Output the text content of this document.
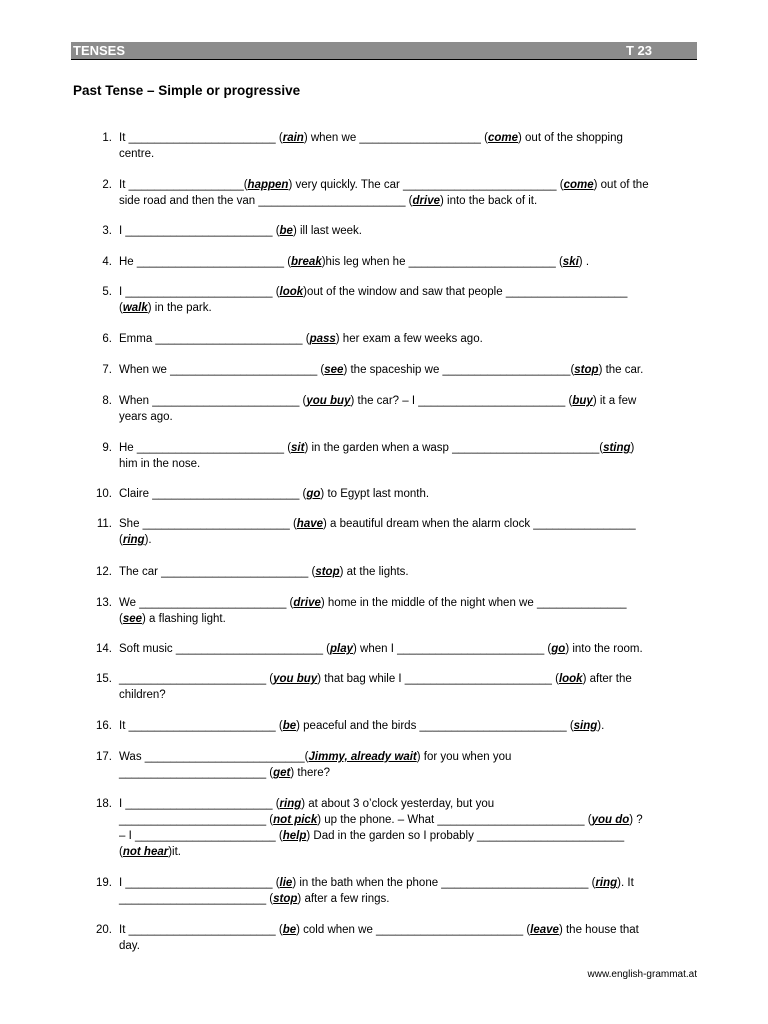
TENSES	T 23
Past Tense – Simple or progressive
1. It _______________________ (rain) when we ___________________ (come) out of the shopping
centre.
2. It __________________(happen) very quickly. The car ________________________ (come) out of the
side road and then the van _______________________ (drive) into the back of it.
3. I _______________________ (be) ill last week.
4. He _______________________ (break)his leg when he _______________________ (ski) .
5. I _______________________ (look)out of the window and saw that people ___________________
(walk) in the park.
6. Emma _______________________ (pass) her exam a few weeks ago.
7. When we _______________________ (see) the spaceship we ____________________(stop) the car.
8. When _______________________ (you buy) the car? – I _______________________ (buy) it a few
years ago.
9. He _______________________ (sit) in the garden when a wasp _______________________(sting)
him in the nose.
10. Claire _______________________ (go) to Egypt last month.
11. She _______________________ (have) a beautiful dream when the alarm clock ________________
(ring).
12. The car _______________________ (stop) at the lights.
13. We _______________________ (drive) home in the middle of the night when we ______________
(see) a flashing light.
14. Soft music _______________________ (play) when I _______________________ (go) into the room.
15. _______________________ (you buy) that bag while I _______________________ (look) after the
children?
16. It _______________________ (be) peaceful and the birds _______________________ (sing).
17. Was _________________________(Jimmy, already wait) for you when you
_______________________ (get) there?
18. I _______________________ (ring) at about 3 o’clock yesterday, but you
_______________________ (not pick) up the phone. – What _______________________ (you do) ?
– I ______________________ (help) Dad in the garden so I probably _______________________
(not hear)it.
19. I _______________________ (lie) in the bath when the phone _______________________ (ring). It
_______________________ (stop) after a few rings.
20. It _______________________ (be) cold when we _______________________ (leave) the house that
day.
www.english-grammat.at
